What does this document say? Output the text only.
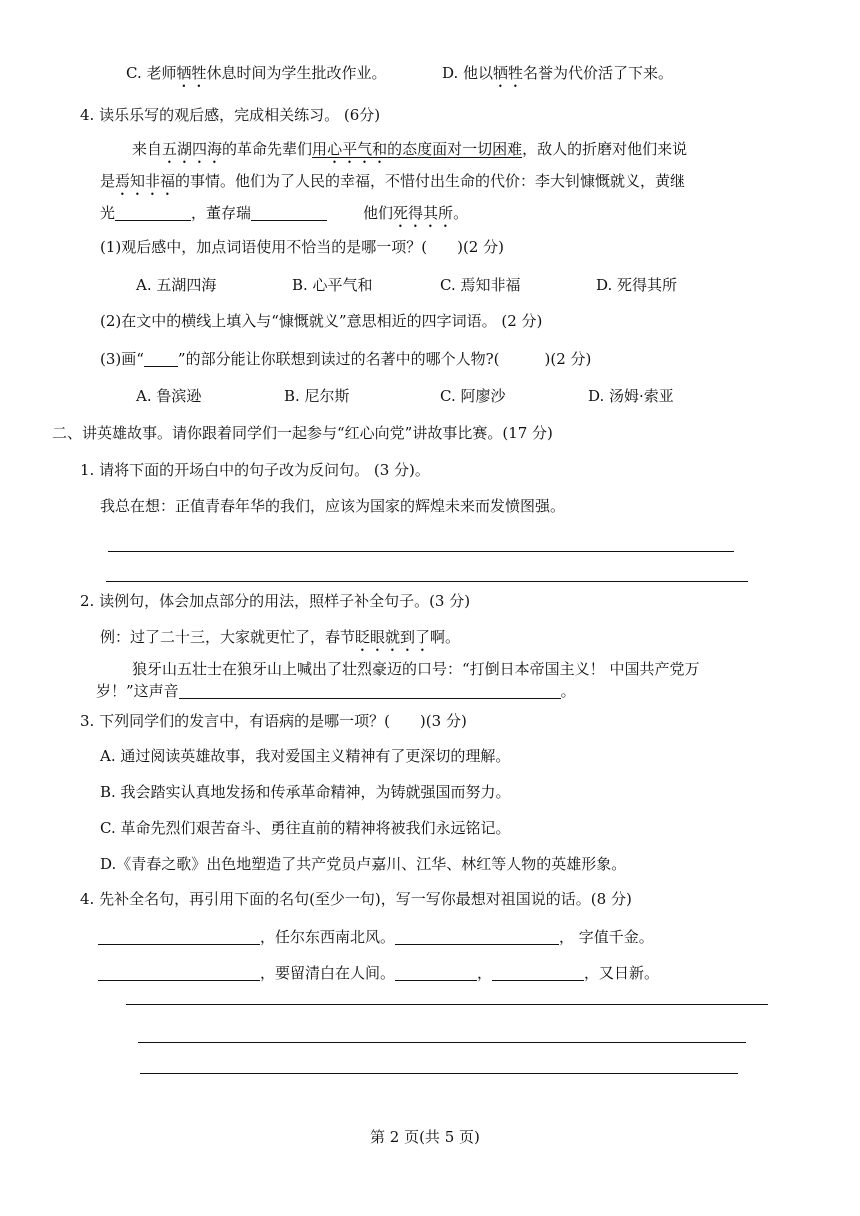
C. 老师牺牲休息时间为学生批改作业。	D. 他以牺牲名誉为代价活了下来。
4. 读乐乐写的观后感，完成相关练习。 (6分)
来自五湖四海的革命先辈们用心平气和的态度面对一切困难，敌人的折磨对他们来说
是焉知非福的事情。他们为了人民的幸福，不惜付出生命的代价：李大钊慷慨就义，黄继
光	，董存瑞	他们死得其所。
(1)观后感中，加点词语使用不恰当的是哪一项？(　　)(2 分)
A. 五湖四海	B. 心平气和	C. 焉知非福	D. 死得其所
(2)在文中的横线上填入与“慷慨就义”意思相近的四字词语。 (2 分)
(3)画“ ”的部分能让你联想到读过的名著中的哪个人物?(　　　)(2 分)
A. 鲁滨逊	B. 尼尔斯	C. 阿廖沙	D. 汤姆·索亚
二、讲英雄故事。请你跟着同学们一起参与“红心向党”讲故事比赛。(17 分)
1. 请将下面的开场白中的句子改为反问句。 (3 分)。
我总在想：正值青春年华的我们，应该为国家的辉煌未来而发愤图强。
2. 读例句，体会加点部分的用法，照样子补全句子。(3 分)
例：过了二十三，大家就更忙了，春节眨眼就到了啊。
狼牙山五壮士在狼牙山上喊出了壮烈豪迈的口号：“打倒日本帝国主义！ 中国共产党万
岁！”这声音	。
3. 下列同学们的发言中，有语病的是哪一项？(　　)(3 分)
A. 通过阅读英雄故事，我对爱国主义精神有了更深切的理解。
B. 我会踏实认真地发扬和传承革命精神，为铸就强国而努力。
C. 革命先烈们艰苦奋斗、勇往直前的精神将被我们永远铭记。
D.《青春之歌》出色地塑造了共产党员卢嘉川、江华、林红等人物的英雄形象。
4. 先补全名句，再引用下面的名句(至少一句)，写一写你最想对祖国说的话。(8 分)
，任尔东西南北风。	， 字值千金。
，要留清白在人间。	，	，又日新。
第 2 页(共 5 页)
